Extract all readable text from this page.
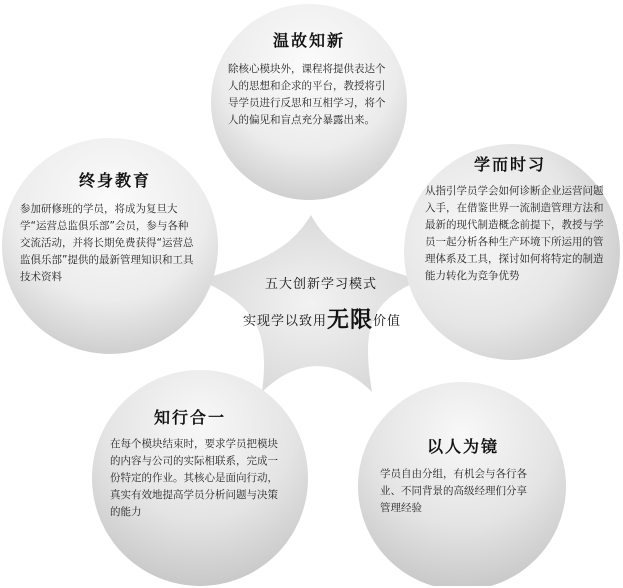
温故知新
除核心模块外，课程将提供表达个人的思想和企求的平台，教授将引导学员进行反思和互相学习，将个人的偏见和盲点充分暴露出来。
学而时习
从指引学员学会如何诊断企业运营问题入手，在借鉴世界一流制造管理方法和最新的现代制造概念前提下，教授与学员一起分析各种生产环境下所运用的管理体系及工具，探讨如何将特定的制造能力转化为竞争优势
以人为镜
学员自由分组，有机会与各行各业、不同背景的高级经理们分享管理经验
知行合一
在每个模块结束时，要求学员把模块的内容与公司的实际相联系，完成一份特定的作业。其核心是面向行动，真实有效地提高学员分析问题与决策的能力
终身教育
参加研修班的学员，将成为复旦大学“运营总监俱乐部”会员，参与各种交流活动，并将长期免费获得“运营总监俱乐部”提供的最新管理知识和工具技术资料	五大创新学习模式
实现学以致用无限价值
